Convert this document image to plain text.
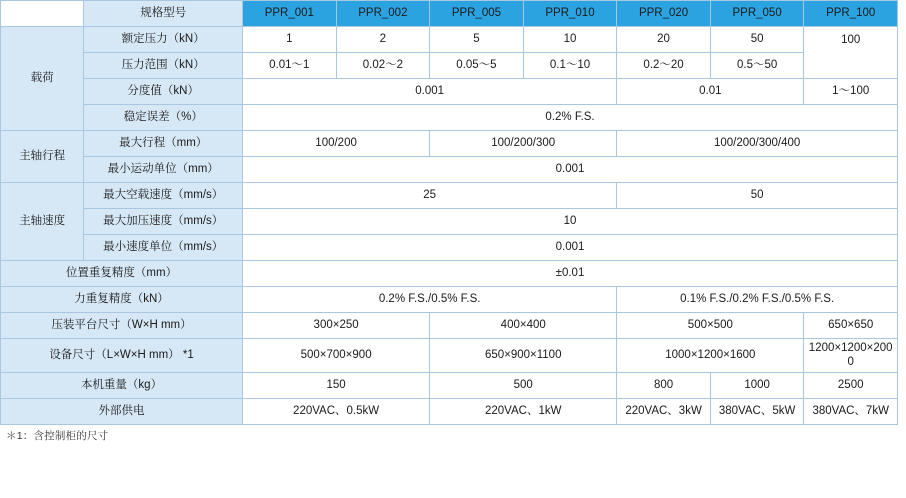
	规格型号	PPR_001	PPR_002	PPR_005	PPR_010	PPR_020	PPR_050	PPR_100
载荷	额定压力（kN）	1	2	5	10	20	50	100
	压力范围（kN）	0.01～1	0.02～2	0.05～5	0.1～10	0.2～20	0.5～50	
	分度值（kN）	0.001				0.01		1～100
	稳定误差（%）	0.2% F.S.						
主轴行程	最大行程（mm）	100/200		100/200/300		100/200/300/400		
	最小运动单位（mm）	0.001						
主轴速度	最大空载速度（mm/s）	25				50		
	最大加压速度（mm/s）	10						
	最小速度单位（mm/s）	0.001						
位置重复精度（mm）		±0.01						
力重复精度（kN）		0.2% F.S./0.5% F.S.				0.1% F.S./0.2% F.S./0.5% F.S.		
压装平台尺寸（W×H mm）		300×250		400×400		500×500		650×650
设备尺寸（L×W×H mm） *1		500×700×900		650×900×1100		1000×1200×1600		1200×1200×2000
本机重量（kg）		150		500		800	1000	2500
外部供电		220VAC、0.5kW		220VAC、1kW		220VAC、3kW	380VAC、5kW	380VAC、7kW
＊1：含控制柜的尺寸
